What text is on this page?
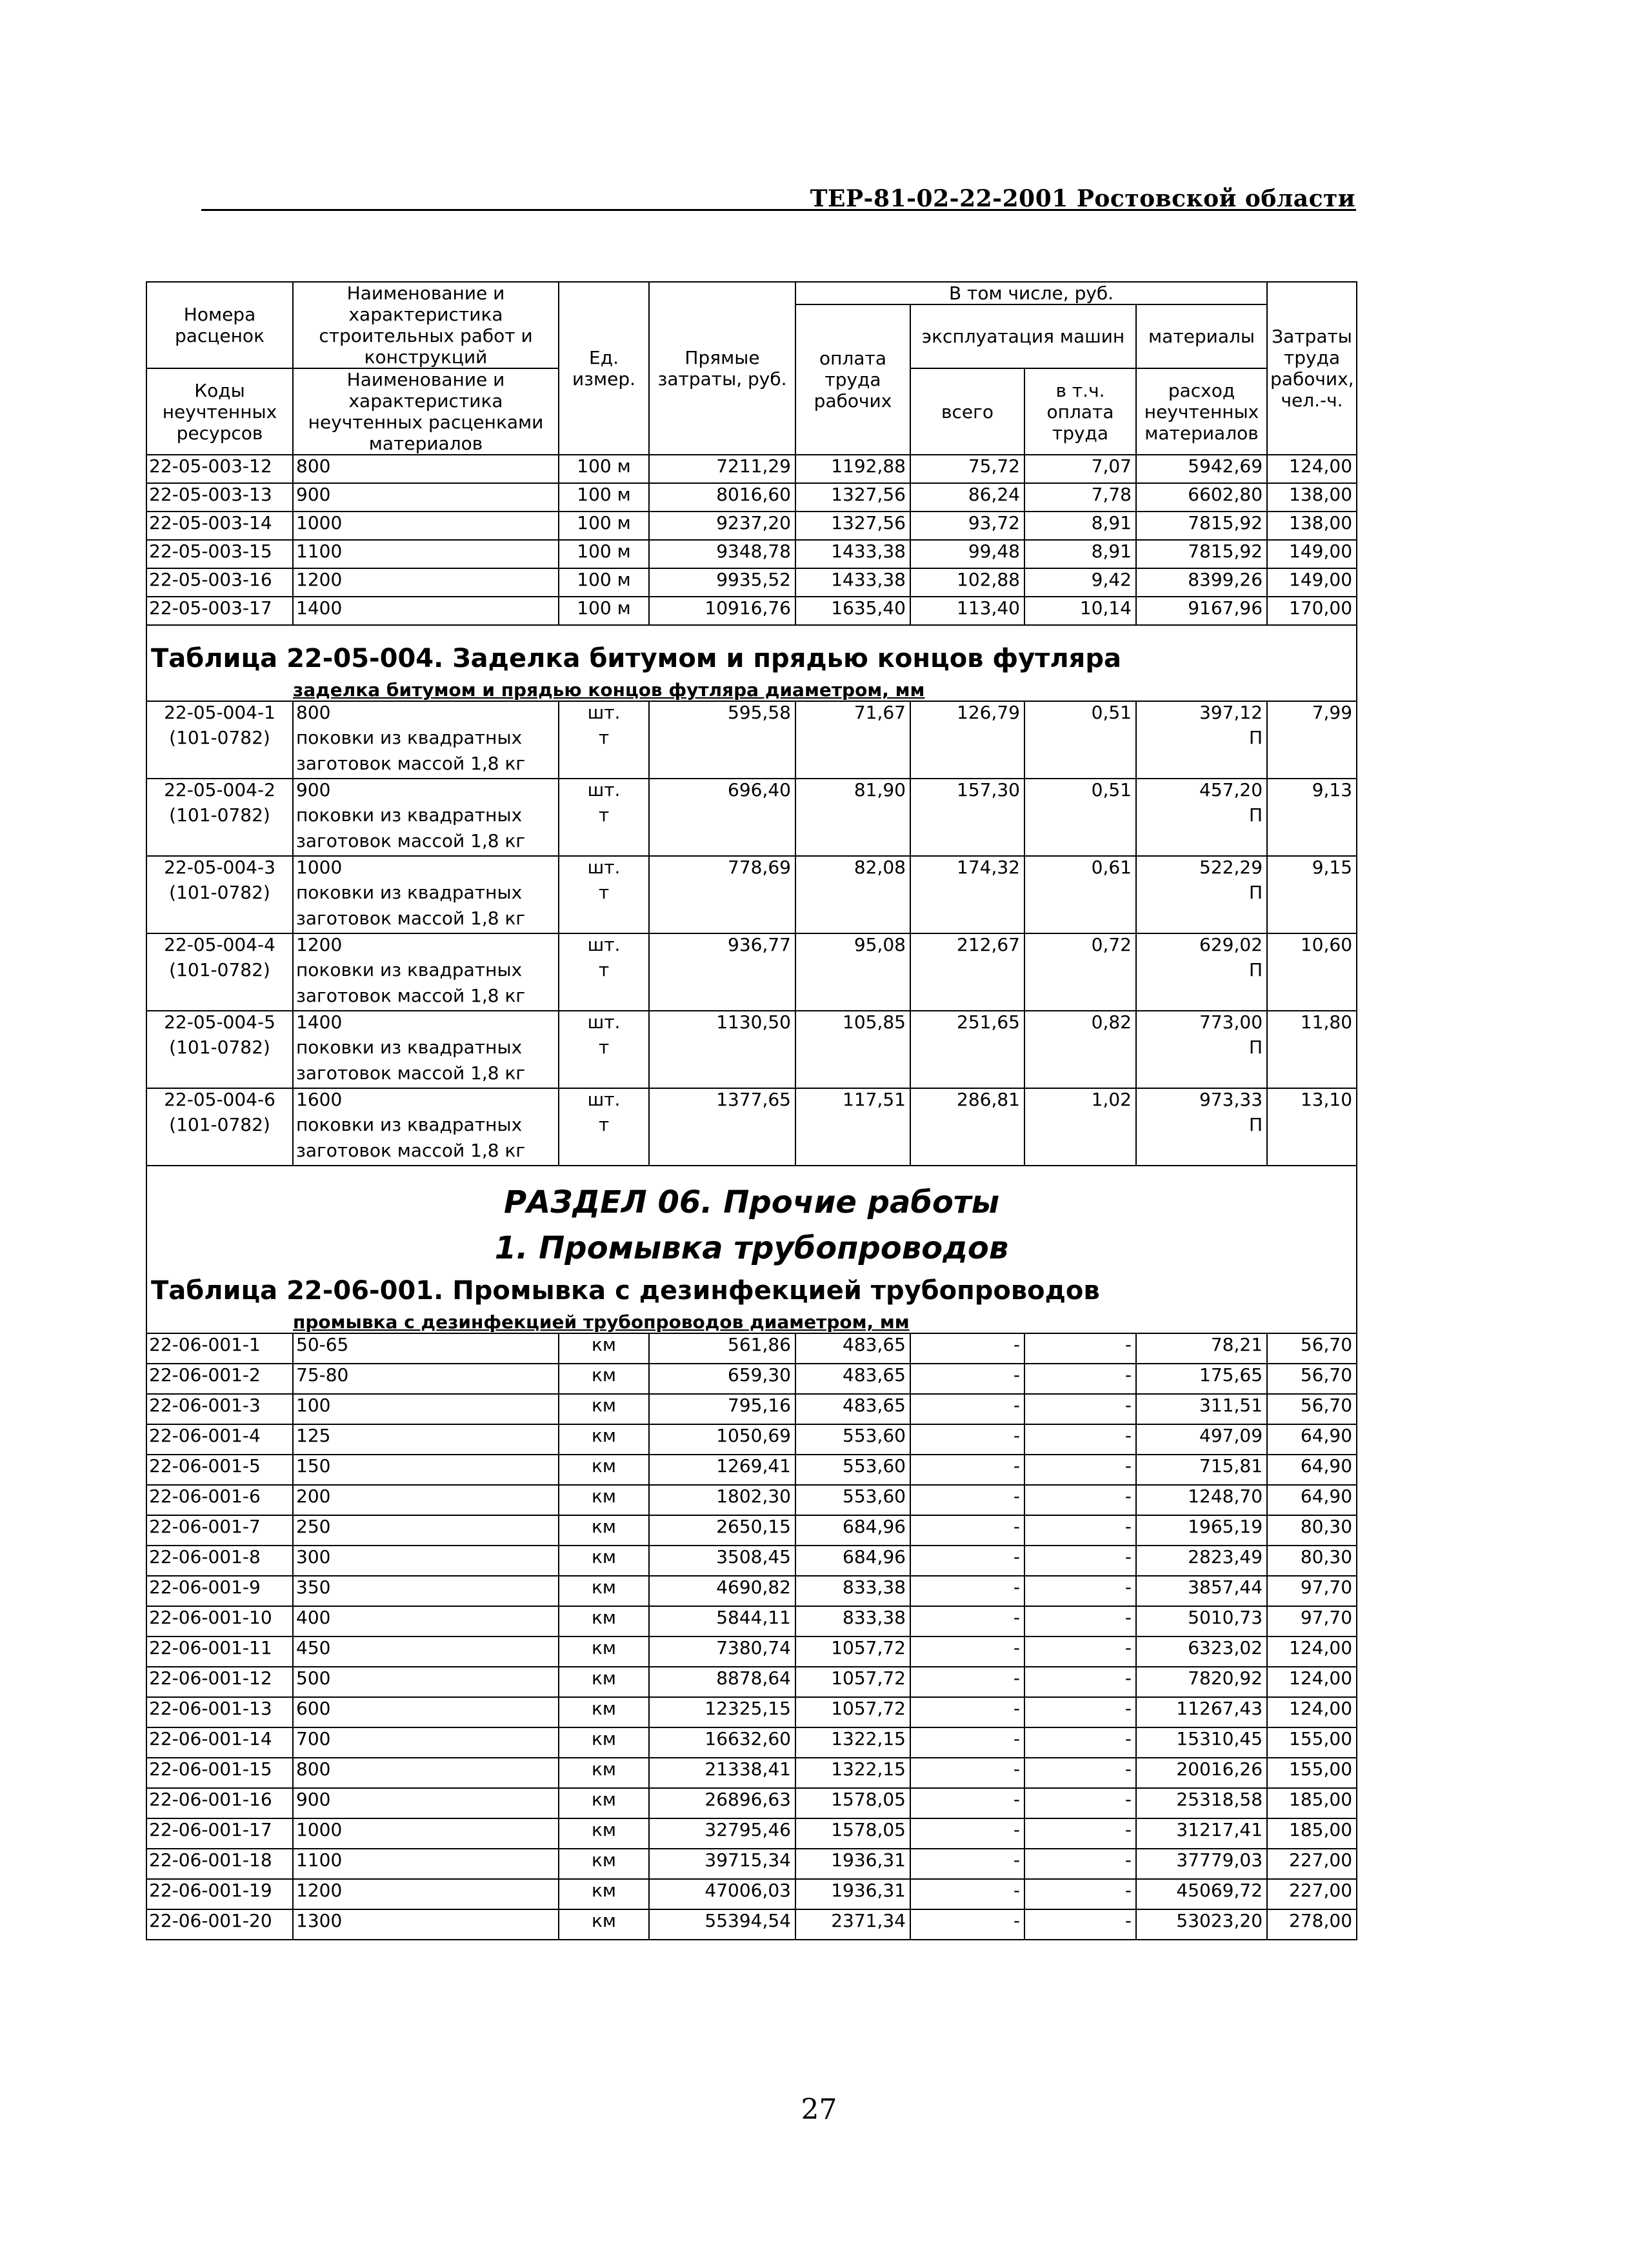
ТЕР-81-02-22-2001 Ростовской области
Номера расценок	Наименование и характеристика строительных работ и конструкций	Ед. измер.	Прямые затраты, руб.	В том числе, руб.				Затраты труда рабочих, чел.-ч.
				оплата труда рабочих	эксплуатация машин		материалы	
Коды неучтенных ресурсов	Наименование и характеристика неучтенных расценками материалов				всего	в т.ч. оплата труда	расход неучтенных материалов	

22-05-003-12	800	100 м	7211,29	1192,88	75,72	7,07	5942,69	124,00
22-05-003-13	900	100 м	8016,60	1327,56	86,24	7,78	6602,80	138,00
22-05-003-14	1000	100 м	9237,20	1327,56	93,72	8,91	7815,92	138,00
22-05-003-15	1100	100 м	9348,78	1433,38	99,48	8,91	7815,92	149,00
22-05-003-16	1200	100 м	9935,52	1433,38	102,88	9,42	8399,26	149,00
22-05-003-17	1400	100 м	10916,76	1635,40	113,40	10,14	9167,96	170,00
Таблица 22-05-004. Заделка битумом и прядью концов футляра								
заделка битумом и прядью концов футляра диаметром, мм								
22-05-004-1	800	шт.	595,58	71,67	126,79	0,51	397,12	7,99
(101-0782)	поковки из квадратных	т					П	
	заготовок массой 1,8 кг							
22-05-004-2	900	шт.	696,40	81,90	157,30	0,51	457,20	9,13
(101-0782)	поковки из квадратных	т					П	
	заготовок массой 1,8 кг							
22-05-004-3	1000	шт.	778,69	82,08	174,32	0,61	522,29	9,15
(101-0782)	поковки из квадратных	т					П	
	заготовок массой 1,8 кг							
22-05-004-4	1200	шт.	936,77	95,08	212,67	0,72	629,02	10,60
(101-0782)	поковки из квадратных	т					П	
	заготовок массой 1,8 кг							
22-05-004-5	1400	шт.	1130,50	105,85	251,65	0,82	773,00	11,80
(101-0782)	поковки из квадратных	т					П	
	заготовок массой 1,8 кг							
22-05-004-6	1600	шт.	1377,65	117,51	286,81	1,02	973,33	13,10
(101-0782)	поковки из квадратных	т					П	
	заготовок массой 1,8 кг							
РАЗДЕЛ 06. Прочие работы								
1. Промывка трубопроводов								
Таблица 22-06-001. Промывка с дезинфекцией трубопроводов								
промывка с дезинфекцией трубопроводов диаметром, мм								
22-06-001-1	50-65	км	561,86	483,65	-	-	78,21	56,70
22-06-001-2	75-80	км	659,30	483,65	-	-	175,65	56,70
22-06-001-3	100	км	795,16	483,65	-	-	311,51	56,70
22-06-001-4	125	км	1050,69	553,60	-	-	497,09	64,90
22-06-001-5	150	км	1269,41	553,60	-	-	715,81	64,90
22-06-001-6	200	км	1802,30	553,60	-	-	1248,70	64,90
22-06-001-7	250	км	2650,15	684,96	-	-	1965,19	80,30
22-06-001-8	300	км	3508,45	684,96	-	-	2823,49	80,30
22-06-001-9	350	км	4690,82	833,38	-	-	3857,44	97,70
22-06-001-10	400	км	5844,11	833,38	-	-	5010,73	97,70
22-06-001-11	450	км	7380,74	1057,72	-	-	6323,02	124,00
22-06-001-12	500	км	8878,64	1057,72	-	-	7820,92	124,00
22-06-001-13	600	км	12325,15	1057,72	-	-	11267,43	124,00
22-06-001-14	700	км	16632,60	1322,15	-	-	15310,45	155,00
22-06-001-15	800	км	21338,41	1322,15	-	-	20016,26	155,00
22-06-001-16	900	км	26896,63	1578,05	-	-	25318,58	185,00
22-06-001-17	1000	км	32795,46	1578,05	-	-	31217,41	185,00
22-06-001-18	1100	км	39715,34	1936,31	-	-	37779,03	227,00
22-06-001-19	1200	км	47006,03	1936,31	-	-	45069,72	227,00
22-06-001-20	1300	км	55394,54	2371,34	-	-	53023,20	278,00
27
